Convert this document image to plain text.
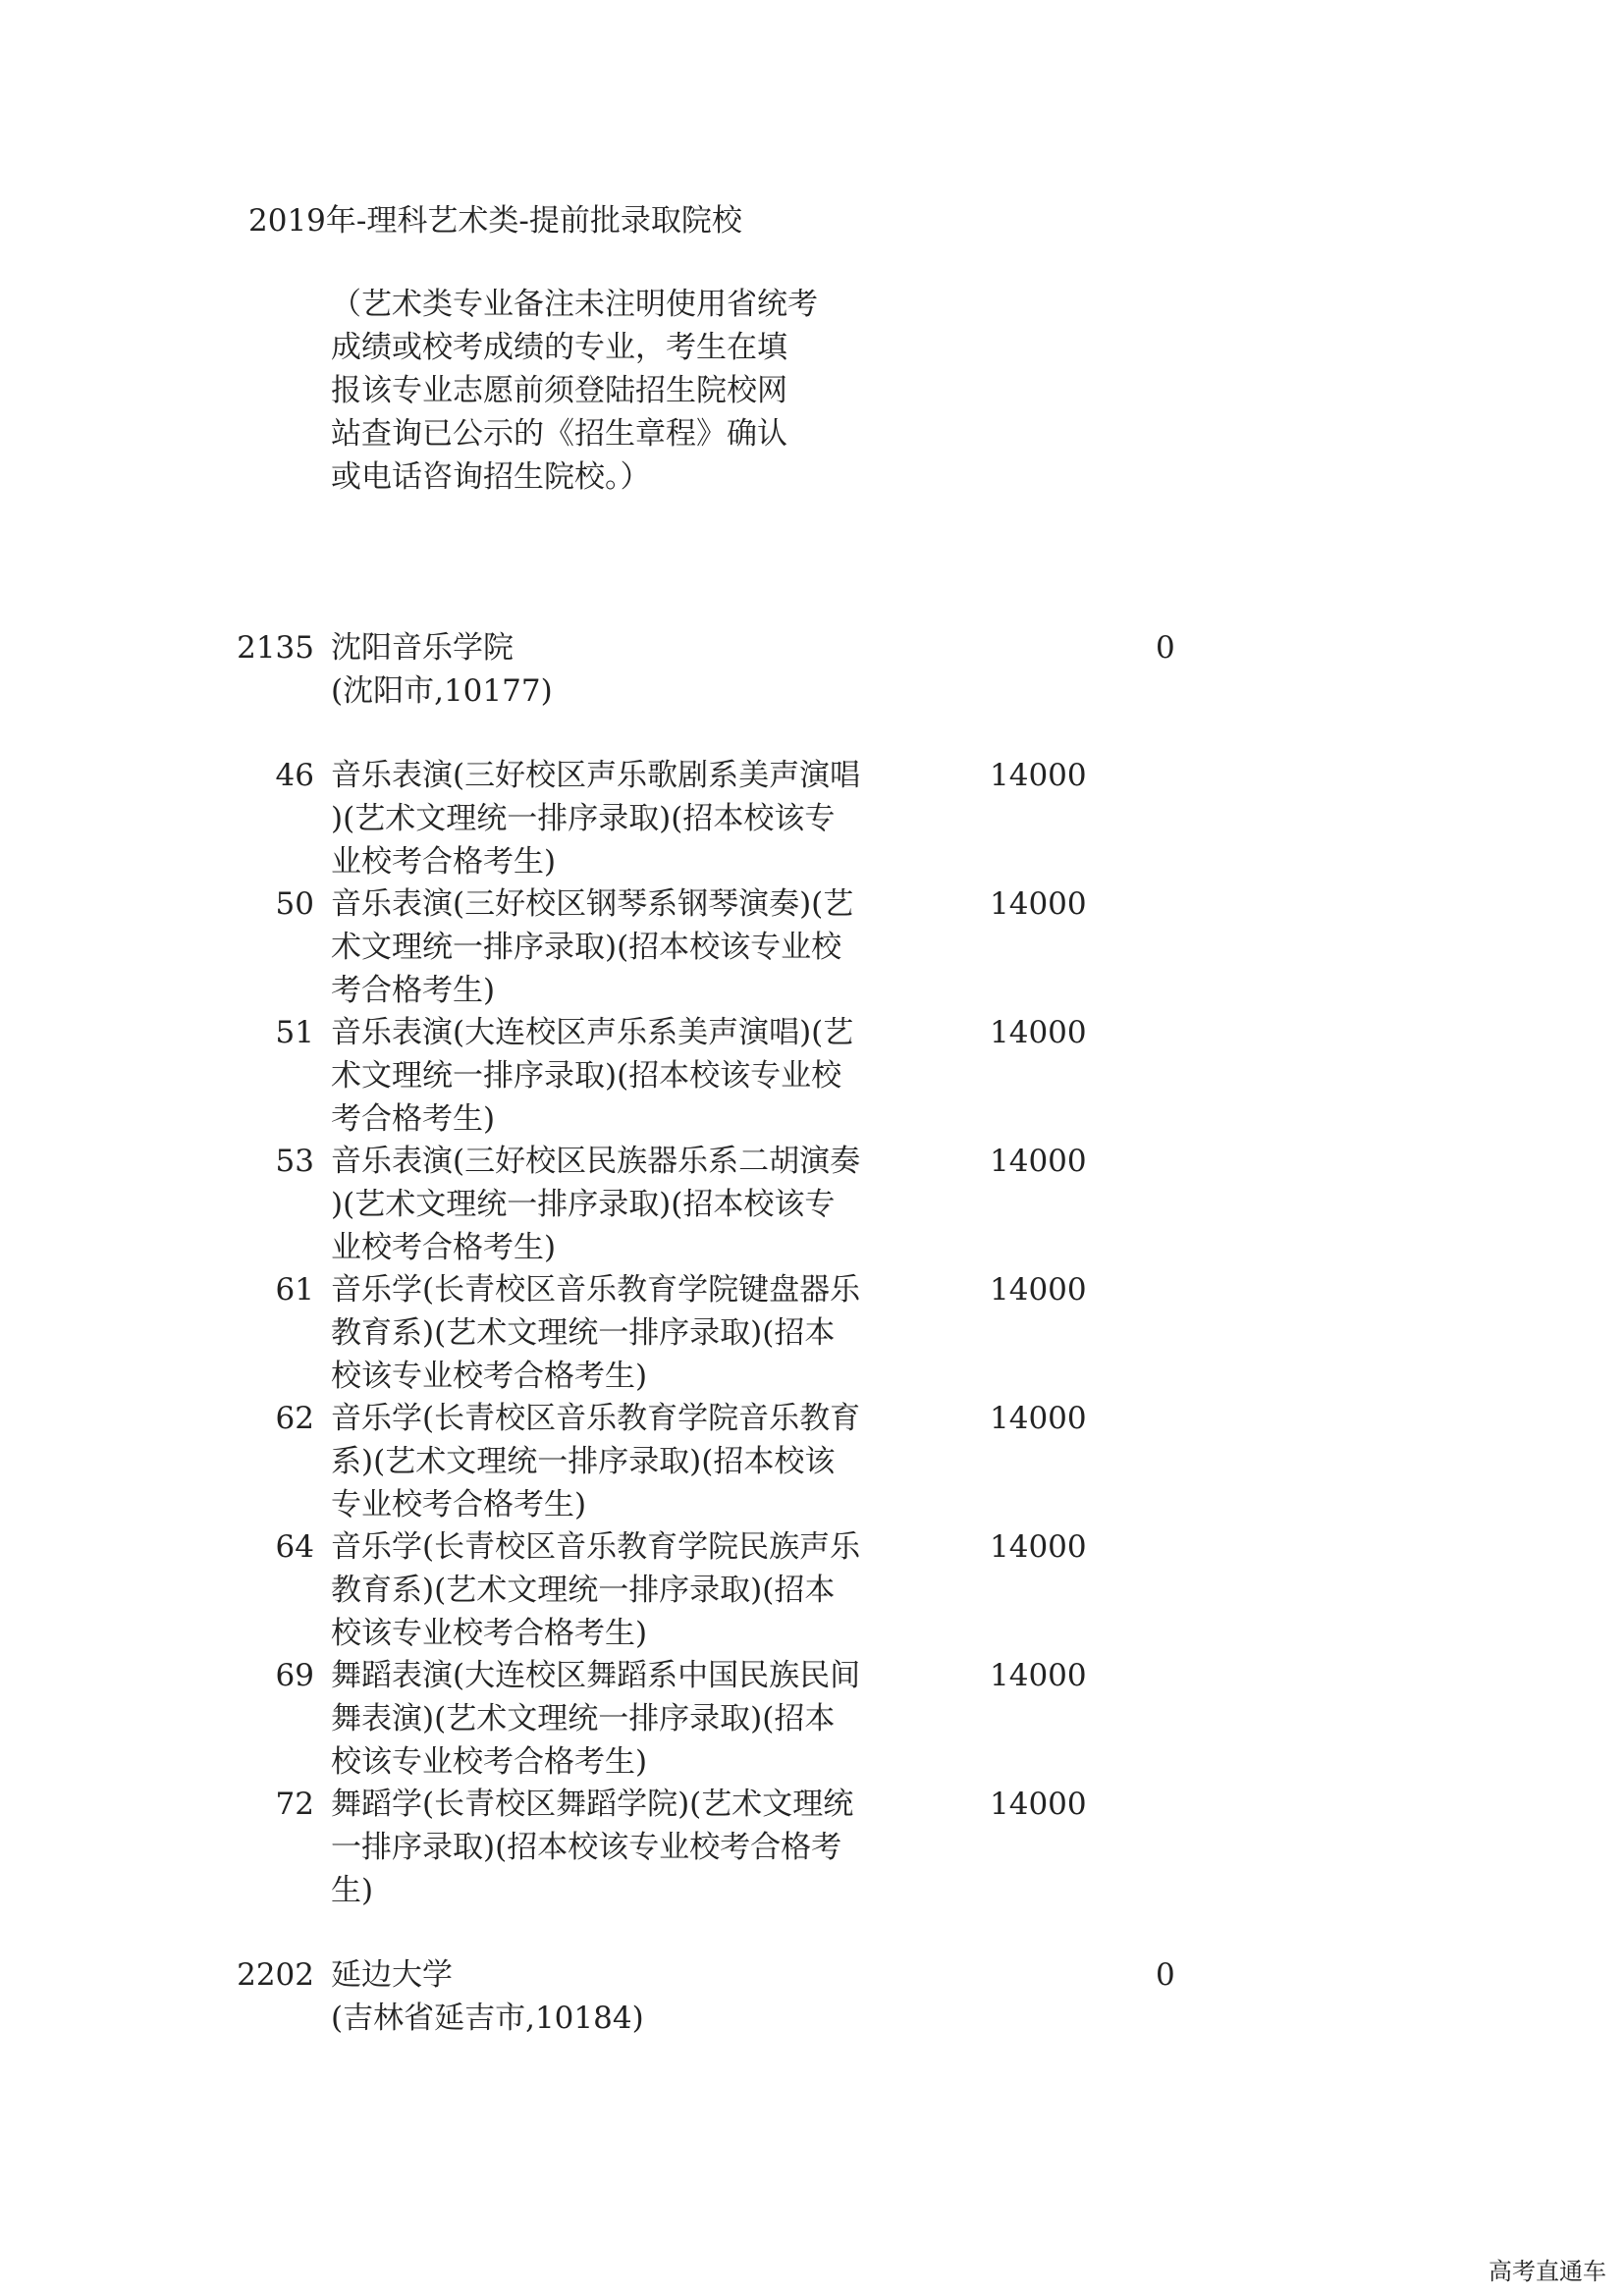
2019年-理科艺术类-提前批录取院校
（艺术类专业备注未注明使用省统考
成绩或校考成绩的专业，考生在填
报该专业志愿前须登陆招生院校网
站查询已公示的《招生章程》确认
或电话咨询招生院校。）
2135 沈阳音乐学院
(沈阳市,10177)
0
46 音乐表演(三好校区声乐歌剧系美声演唱
)(艺术文理统一排序录取)(招本校该专
业校考合格考生)
14000
50 音乐表演(三好校区钢琴系钢琴演奏)(艺
术文理统一排序录取)(招本校该专业校
考合格考生)
14000
51 音乐表演(大连校区声乐系美声演唱)(艺
术文理统一排序录取)(招本校该专业校
考合格考生)
14000
53 音乐表演(三好校区民族器乐系二胡演奏
)(艺术文理统一排序录取)(招本校该专
业校考合格考生)
14000
61 音乐学(长青校区音乐教育学院键盘器乐
教育系)(艺术文理统一排序录取)(招本
校该专业校考合格考生)
14000
62 音乐学(长青校区音乐教育学院音乐教育
系)(艺术文理统一排序录取)(招本校该
专业校考合格考生)
14000
64 音乐学(长青校区音乐教育学院民族声乐
教育系)(艺术文理统一排序录取)(招本
校该专业校考合格考生)
14000
69 舞蹈表演(大连校区舞蹈系中国民族民间
舞表演)(艺术文理统一排序录取)(招本
校该专业校考合格考生)
14000
72 舞蹈学(长青校区舞蹈学院)(艺术文理统
一排序录取)(招本校该专业校考合格考
生)
14000
2202 延边大学
(吉林省延吉市,10184)
0
高考直通车
